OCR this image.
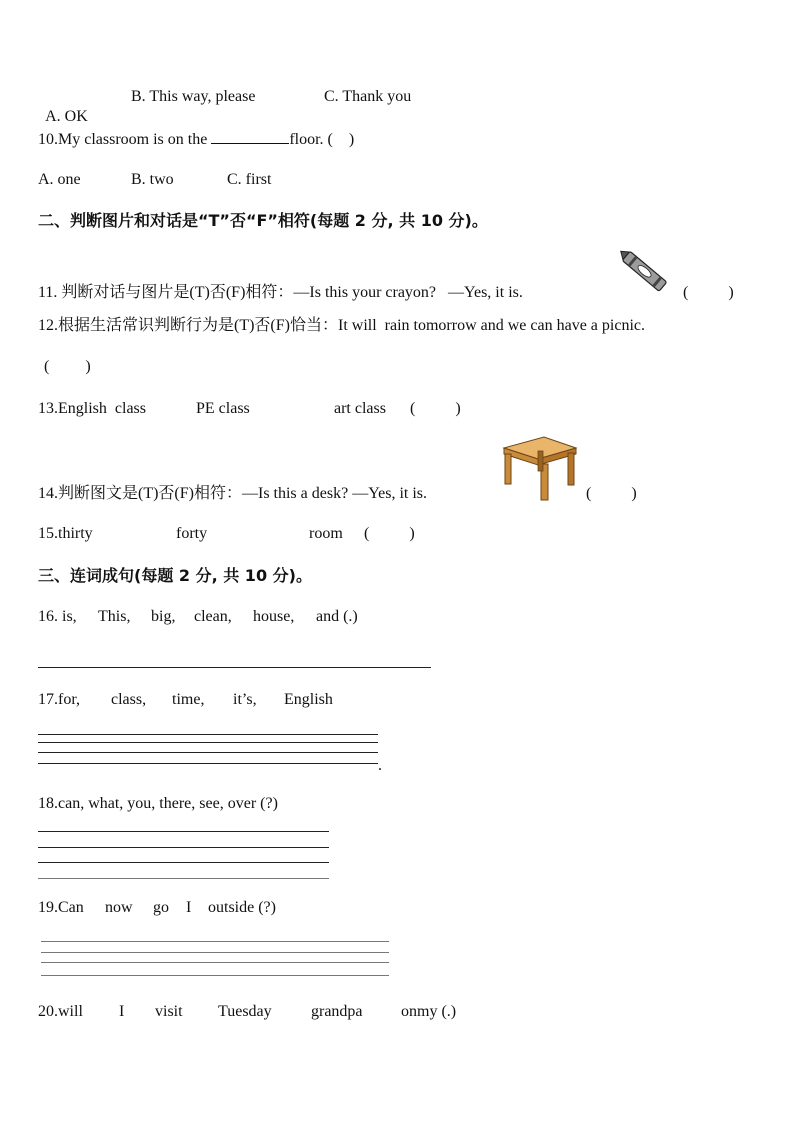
A. OK

B. This way, please	C. Thank you
10.My classroom is on the	floor. (    )
A. one	B. two	C. first
二、判断图片和对话是“T”否“F”相符(每题 2 分, 共 10 分)。
11. 判断对话与图片是(T)否(F)相符：—Is this your crayon?   —Yes, it is.	(          )
12.根据生活常识判断行为是(T)否(F)恰当：It will  rain tomorrow and we can have a picnic.
(         )
13.English  class	PE class	art class (          )
14.判断图文是(T)否(F)相符：—Is this a desk? —Yes, it is.	(          )
15.thirty	forty	room (          )
三、连词成句(每题 2 分, 共 10 分)。
16. is, This, big, clean, house, and (.)
17.for, class, time, it’s, English
.
18.can, what, you, there, see, over (?)
19.Can now go I outside (?)
20.will I visit Tuesday grandpa onmy (.)
